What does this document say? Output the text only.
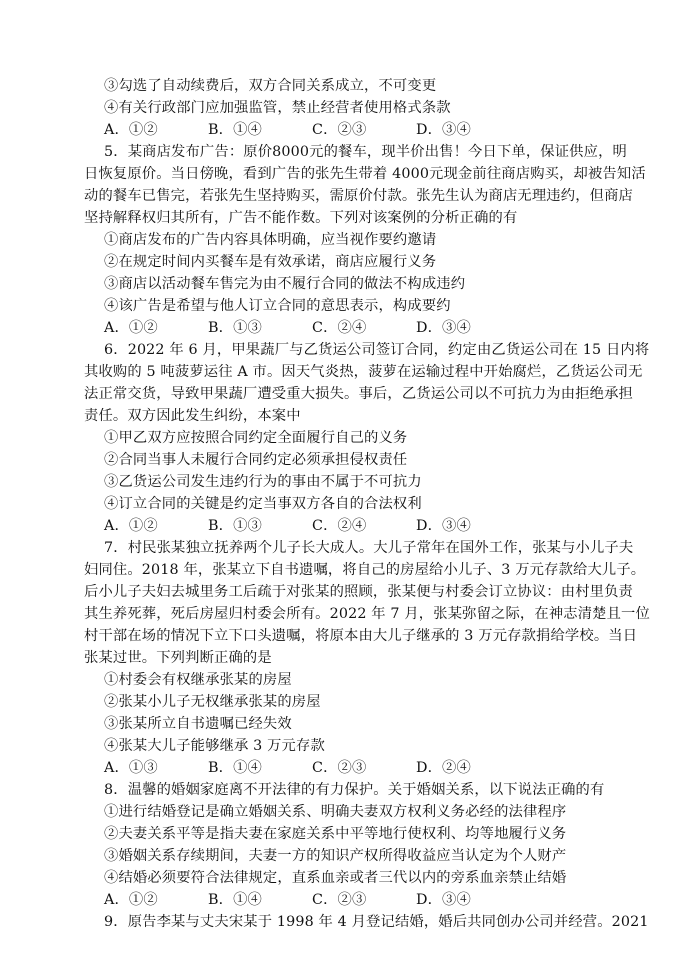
③勾选了自动续费后，双方合同关系成立，不可变更
④有关行政部门应加强监管，禁止经营者使用格式条款
A．①②	B．①④	C．②③	D．③④
5．某商店发布广告：原价8000元的餐车，现半价出售！今日下单，保证供应，明
日恢复原价。当日傍晚，看到广告的张先生带着 4000元现金前往商店购买，却被告知活
动的餐车已售完，若张先生坚持购买，需原价付款。张先生认为商店无理违约，但商店
坚持解释权归其所有，广告不能作数。下列对该案例的分析正确的有
①商店发布的广告内容具体明确，应当视作要约邀请
②在规定时间内买餐车是有效承诺，商店应履行义务
③商店以活动餐车售完为由不履行合同的做法不构成违约
④该广告是希望与他人订立合同的意思表示，构成要约
A．①②	B．①③	C．②④	D．③④
6．2022 年 6 月，甲果蔬厂与乙货运公司签订合同，约定由乙货运公司在 15 日内将
其收购的 5 吨菠萝运往 A 市。因天气炎热，菠萝在运输过程中开始腐烂，乙货运公司无
法正常交货，导致甲果蔬厂遭受重大损失。事后，乙货运公司以不可抗力为由拒绝承担
责任。双方因此发生纠纷，本案中
①甲乙双方应按照合同约定全面履行自己的义务
②合同当事人未履行合同约定必须承担侵权责任
③乙货运公司发生违约行为的事由不属于不可抗力
④订立合同的关键是约定当事双方各自的合法权利
A．①②	B．①③	C．②④	D．③④
7．村民张某独立抚养两个儿子长大成人。大儿子常年在国外工作，张某与小儿子夫
妇同住。2018 年，张某立下自书遗嘱，将自己的房屋给小儿子、3 万元存款给大儿子。
后小儿子夫妇去城里务工后疏于对张某的照顾，张某便与村委会订立协议：由村里负责
其生养死葬，死后房屋归村委会所有。2022 年 7 月，张某弥留之际，在神志清楚且一位
村干部在场的情况下立下口头遗嘱，将原本由大儿子继承的 3 万元存款捐给学校。当日
张某过世。下列判断正确的是
①村委会有权继承张某的房屋
②张某小儿子无权继承张某的房屋
③张某所立自书遗嘱已经失效
④张某大儿子能够继承 3 万元存款
A．①③	B．①④	C．②③	D．②④
8．温馨的婚姻家庭离不开法律的有力保护。关于婚姻关系，以下说法正确的有
①进行结婚登记是确立婚姻关系、明确夫妻双方权利义务必经的法律程序
②夫妻关系平等是指夫妻在家庭关系中平等地行使权利、均等地履行义务
③婚姻关系存续期间，夫妻一方的知识产权所得收益应当认定为个人财产
④结婚必须要符合法律规定，直系血亲或者三代以内的旁系血亲禁止结婚
A．①②	B．①④	C．②③	D．③④
9．原告李某与丈夫宋某于 1998 年 4 月登记结婚，婚后共同创办公司并经营。2021
